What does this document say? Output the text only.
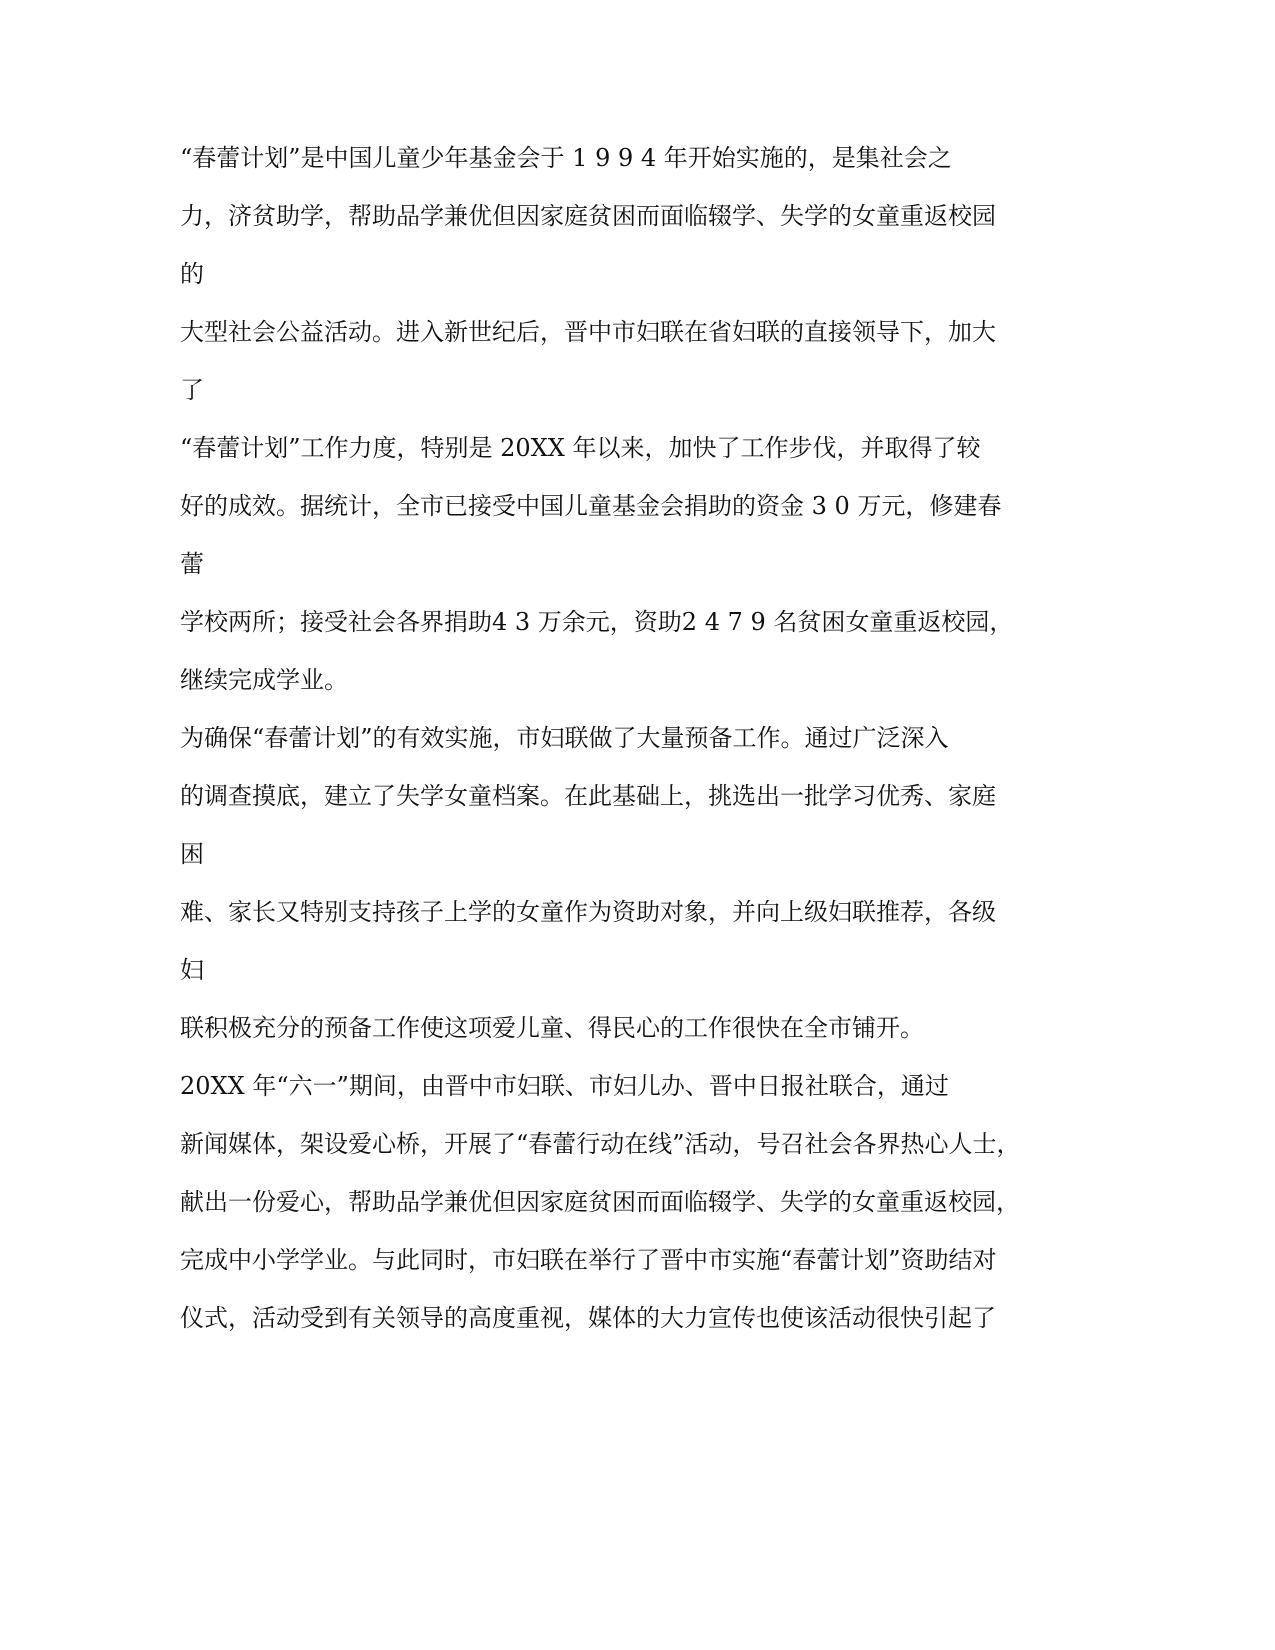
“春蕾计划”是中国儿童少年基金会于 1 9 9 4 年开始实施的，是集社会之
力，济贫助学，帮助品学兼优但因家庭贫困而面临辍学、失学的女童重返校园
的
大型社会公益活动。进入新世纪后，晋中市妇联在省妇联的直接领导下，加大
了
“春蕾计划”工作力度，特别是 20XX 年以来，加快了工作步伐，并取得了较
好的成效。据统计，全市已接受中国儿童基金会捐助的资金 3 0 万元，修建春
蕾
学校两所；接受社会各界捐助4 3 万余元，资助2 4 7 9 名贫困女童重返校园，
继续完成学业。
为确保“春蕾计划”的有效实施，市妇联做了大量预备工作。通过广泛深入
的调查摸底，建立了失学女童档案。在此基础上，挑选出一批学习优秀、家庭
困
难、家长又特别支持孩子上学的女童作为资助对象，并向上级妇联推荐，各级
妇
联积极充分的预备工作使这项爱儿童、得民心的工作很快在全市铺开。
20XX 年“六一”期间，由晋中市妇联、市妇儿办、晋中日报社联合，通过
新闻媒体，架设爱心桥，开展了“春蕾行动在线”活动，号召社会各界热心人士，
献出一份爱心，帮助品学兼优但因家庭贫困而面临辍学、失学的女童重返校园，
完成中小学学业。与此同时，市妇联在举行了晋中市实施“春蕾计划”资助结对
仪式，活动受到有关领导的高度重视，媒体的大力宣传也使该活动很快引起了
